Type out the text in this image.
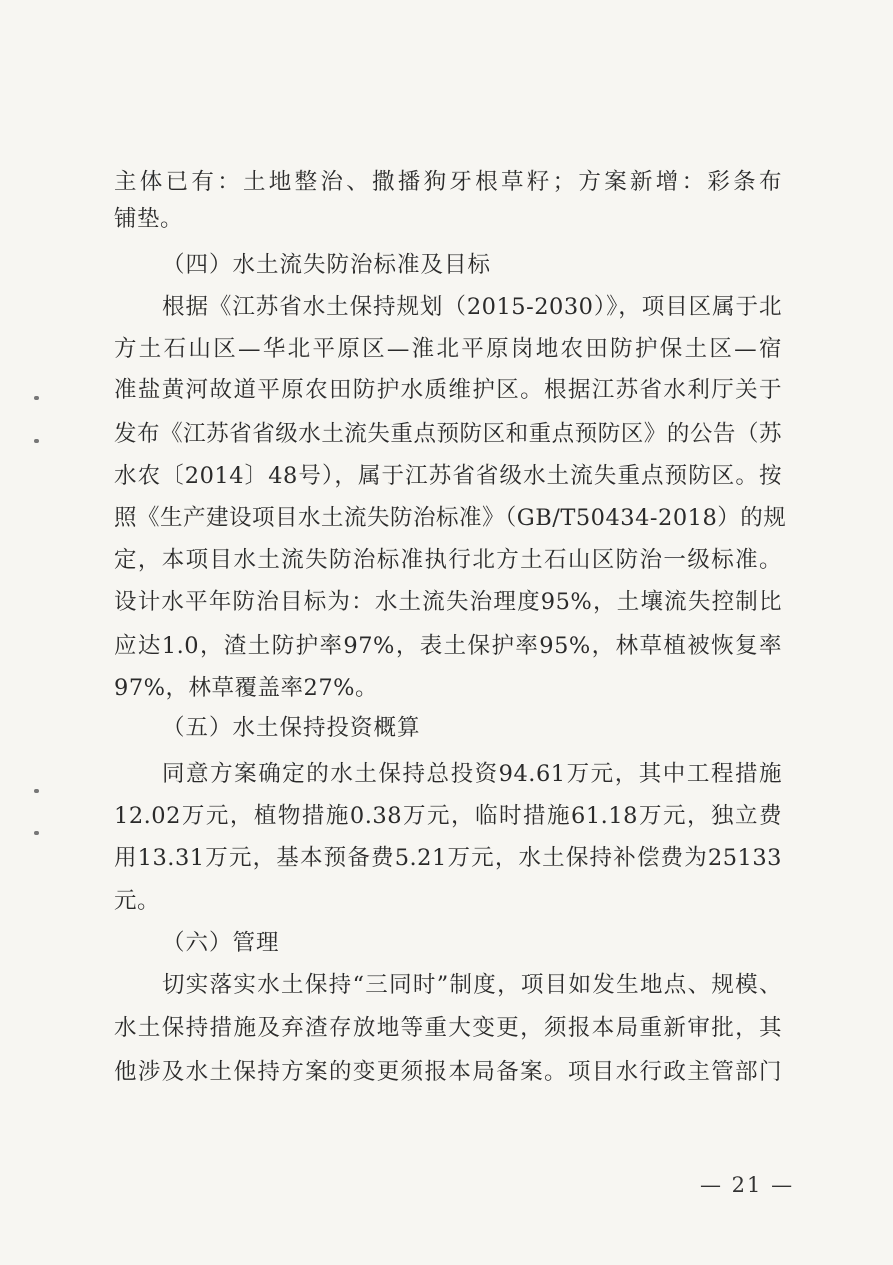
主体已有：土地整治、撒播狗牙根草籽；方案新增：彩条布
铺垫。
（四）水土流失防治标准及目标
根据《江苏省水土保持规划（2015-2030）》，项目区属于北
方土石山区—华北平原区—淮北平原岗地农田防护保土区—宿
准盐黄河故道平原农田防护水质维护区。根据江苏省水利厅关于
发布《江苏省省级水土流失重点预防区和重点预防区》的公告（苏
水农〔2014〕48号），属于江苏省省级水土流失重点预防区。按
照《生产建设项目水土流失防治标准》（GB/T50434-2018）的规
定，本项目水土流失防治标准执行北方土石山区防治一级标准。
设计水平年防治目标为：水土流失治理度95%，土壤流失控制比
应达1.0，渣土防护率97%，表土保护率95%，林草植被恢复率
97%，林草覆盖率27%。
（五）水土保持投资概算
同意方案确定的水土保持总投资94.61万元，其中工程措施
12.02万元，植物措施0.38万元，临时措施61.18万元，独立费
用13.31万元，基本预备费5.21万元，水土保持补偿费为25133
元。
（六）管理
切实落实水土保持“三同时”制度，项目如发生地点、规模、
水土保持措施及弃渣存放地等重大变更，须报本局重新审批，其
他涉及水土保持方案的变更须报本局备案。项目水行政主管部门
— 21 —
